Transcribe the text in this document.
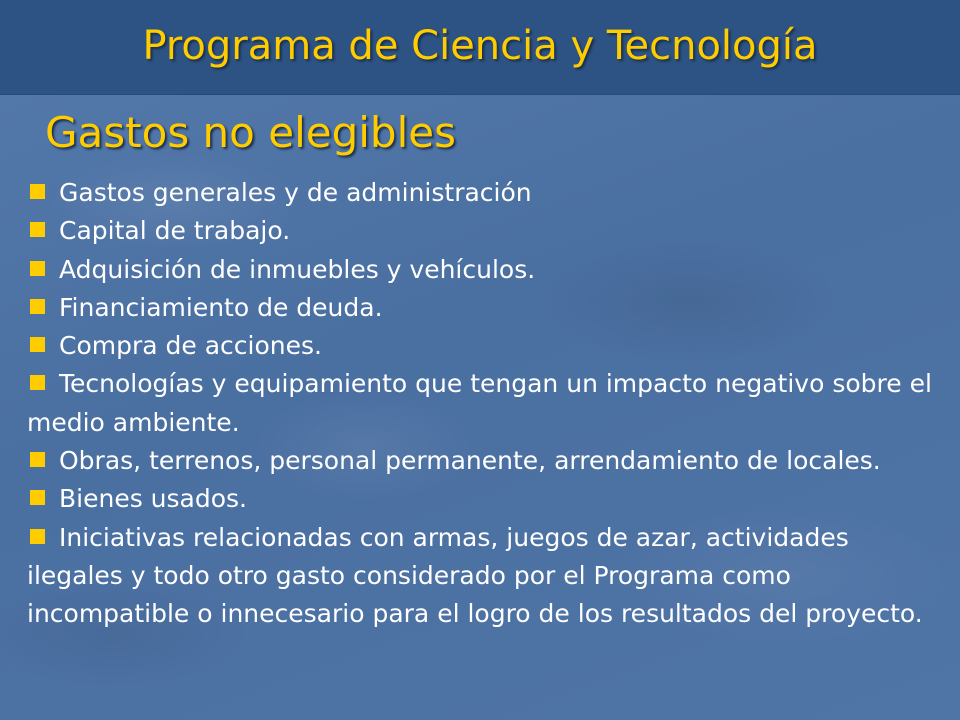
Programa de Ciencia y Tecnología
Gastos no elegibles
Gastos generales y de administración
Capital de trabajo.
Adquisición de inmuebles y vehículos.
Financiamiento de deuda.
Compra de acciones.
Tecnologías y equipamiento que tengan un impacto negativo sobre el medio ambiente.
Obras, terrenos, personal permanente, arrendamiento de locales.
Bienes usados.
Iniciativas relacionadas con armas, juegos de azar, actividades ilegales y todo otro gasto considerado por el Programa como incompatible o innecesario para el logro de los resultados del proyecto.
